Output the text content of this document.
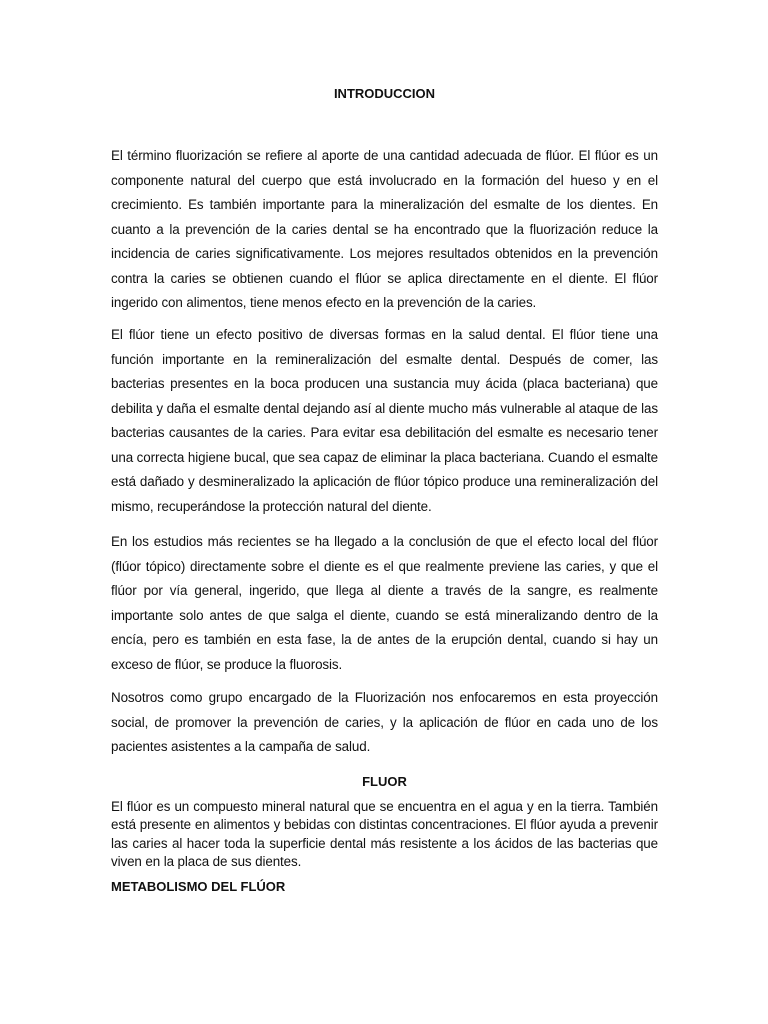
INTRODUCCION

El término fluorización se refiere al aporte de una cantidad adecuada de flúor. El flúor es un componente natural del cuerpo que está involucrado en la formación del hueso y en el crecimiento. Es también importante para la mineralización del esmalte de los dientes. En cuanto a la prevención de la caries dental se ha encontrado que la fluorización reduce la incidencia de caries significativamente. Los mejores resultados obtenidos en la prevención contra la caries se obtienen cuando el flúor se aplica directamente en el diente. El flúor ingerido con alimentos, tiene menos efecto en la prevención de la caries.

El flúor tiene un efecto positivo de diversas formas en la salud dental. El flúor tiene una función importante en la remineralización del esmalte dental. Después de comer, las bacterias presentes en la boca producen una sustancia muy ácida (placa bacteriana) que debilita y daña el esmalte dental dejando así al diente mucho más vulnerable al ataque de las bacterias causantes de la caries. Para evitar esa debilitación del esmalte es necesario tener una correcta higiene bucal, que sea capaz de eliminar la placa bacteriana. Cuando el esmalte está dañado y desmineralizado la aplicación de flúor tópico produce una remineralización del mismo, recuperándose la protección natural del diente.

En los estudios más recientes se ha llegado a la conclusión de que el efecto local del flúor (flúor tópico) directamente sobre el diente es el que realmente previene las caries, y que el flúor por vía general, ingerido, que llega al diente a través de la sangre, es realmente importante solo antes de que salga el diente, cuando se está mineralizando dentro de la encía, pero es también en esta fase, la de antes de la erupción dental, cuando si hay un exceso de flúor, se produce la fluorosis.

Nosotros como grupo encargado de la Fluorización nos enfocaremos en esta proyección social, de promover la prevención de caries, y la aplicación de flúor en cada uno de los pacientes asistentes a la campaña de salud.

FLUOR

El flúor es un compuesto mineral natural que se encuentra en el agua y en la tierra. También está presente en alimentos y bebidas con distintas concentraciones. El flúor ayuda a prevenir las caries al hacer toda la superficie dental más resistente a los ácidos de las bacterias que viven en la placa de sus dientes.

METABOLISMO DEL FLÚOR
